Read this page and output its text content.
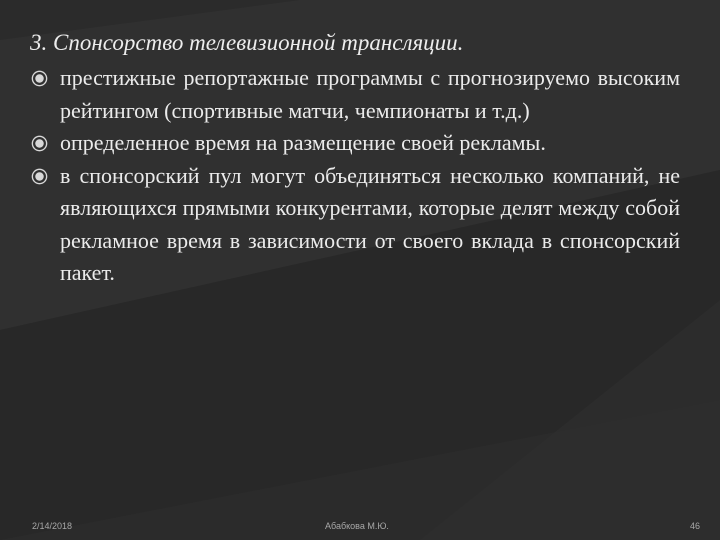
3. Спонсорство телевизионной трансляции.
престижные репортажные программы с прогнозируемо высоким рейтингом (спортивные матчи, чемпионаты и т.д.)
определенное время на размещение своей рекламы.
в спонсорский пул могут объединяться несколько компаний, не являющихся прямыми конкурентами, которые делят между собой рекламное время в зависимости от своего вклада в спонсорский пакет.
2/14/2018	Абабкова М.Ю.	46
